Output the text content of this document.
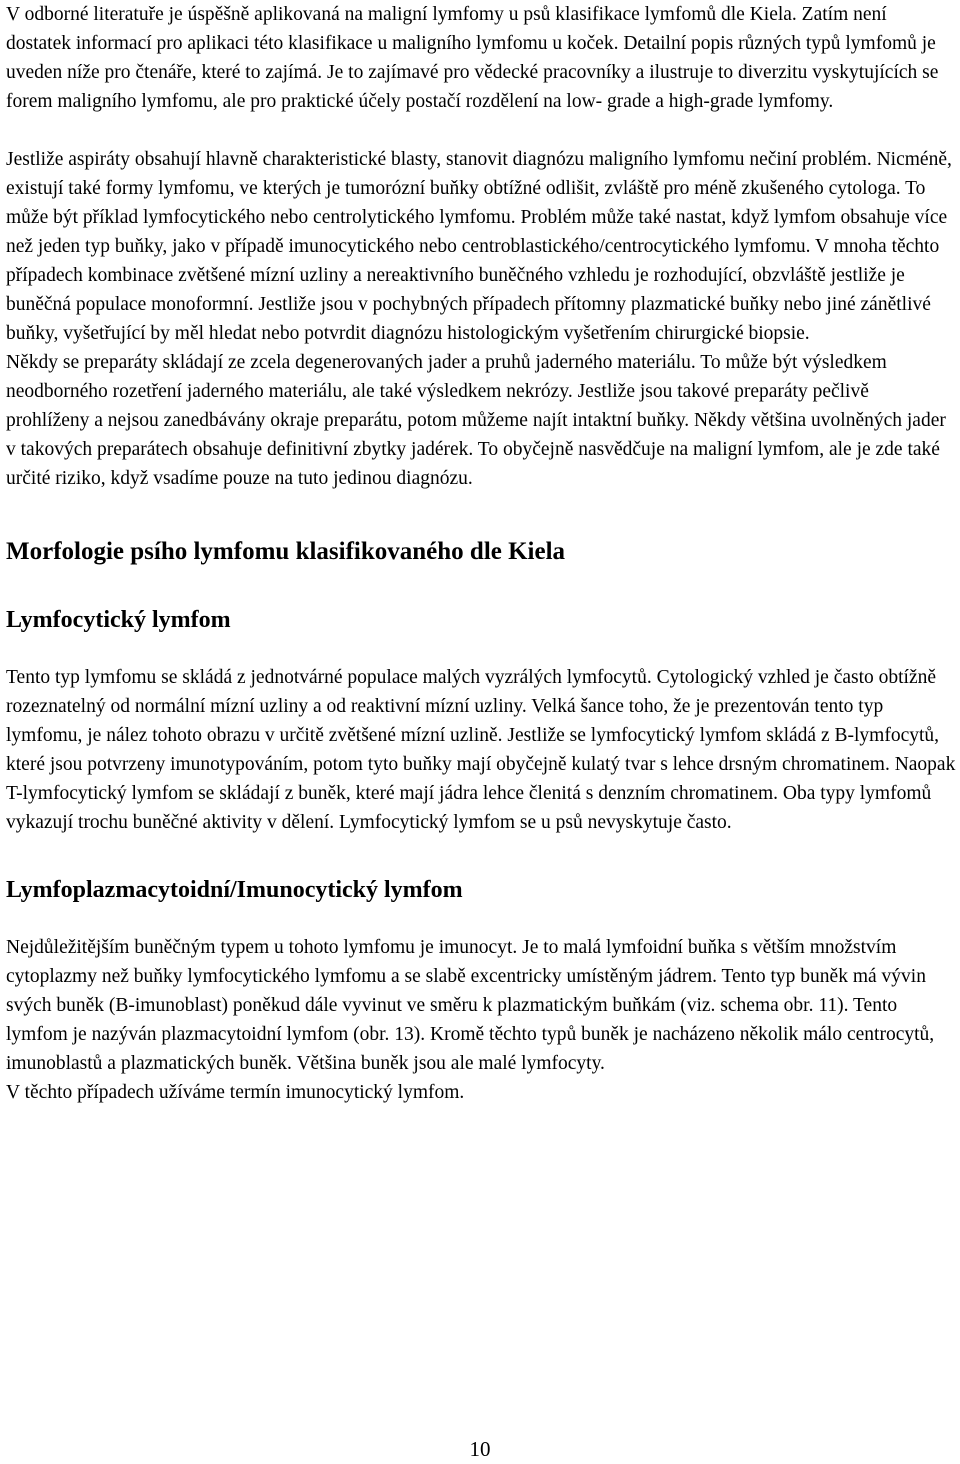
V odborné literatuře je úspěšně aplikovaná na maligní lymfomy u psů klasifikace lymfomů dle Kiela. Zatím není dostatek informací pro aplikaci této klasifikace u maligního lymfomu u koček. Detailní popis různých typů lymfomů je uveden níže pro čtenáře, které to zajímá. Je to zajímavé pro vědecké pracovníky a ilustruje to diverzitu vyskytujících se forem maligního lymfomu, ale pro praktické účely postačí rozdělení na low- grade a high-grade lymfomy.

Jestliže aspiráty obsahují hlavně charakteristické blasty, stanovit diagnózu maligního lymfomu nečiní problém. Nicméně, existují také formy lymfomu, ve kterých je tumorózní buňky obtížné odlišit, zvláště pro méně zkušeného cytologa. To může být příklad lymfocytického nebo centrolytického lymfomu. Problém může také nastat, když lymfom obsahuje více než jeden typ buňky, jako v případě imunocytického nebo centroblastického/centrocytického lymfomu. V mnoha těchto případech kombinace zvětšené mízní uzliny a nereaktivního buněčného vzhledu je rozhodující, obzvláště jestliže je buněčná populace monoformní. Jestliže jsou v pochybných případech přítomny plazmatické buňky nebo jiné zánětlivé buňky, vyšetřující by měl hledat nebo potvrdit diagnózu histologickým vyšetřením chirurgické biopsie.

Někdy se preparáty skládají ze zcela degenerovaných jader a pruhů jaderného materiálu. To může být výsledkem neodborného rozetření jaderného materiálu, ale také výsledkem nekrózy. Jestliže jsou takové preparáty pečlivě prohlíženy a nejsou zanedbávány okraje preparátu, potom můžeme najít intaktní buňky. Někdy většina uvolněných jader v takových preparátech obsahuje definitivní zbytky jadérek. To obyčejně nasvědčuje na maligní lymfom, ale je zde také určité riziko, když vsadíme pouze na tuto jedinou diagnózu.

Morfologie psího lymfomu klasifikovaného dle Kiela
Lymfocytický lymfom

Tento typ lymfomu se skládá z jednotvárné populace malých vyzrálých lymfocytů. Cytologický vzhled je často obtížně rozeznatelný od normální mízní uzliny a od reaktivní mízní uzliny. Velká šance toho, že je prezentován tento typ lymfomu, je nález tohoto obrazu v určitě zvětšené mízní uzlině. Jestliže se lymfocytický lymfom skládá z B-lymfocytů, které jsou potvrzeny imunotypováním, potom tyto buňky mají obyčejně kulatý tvar s lehce drsným chromatinem. Naopak T-lymfocytický lymfom se skládají z buněk, které mají jádra lehce členitá s denzním chromatinem. Oba typy lymfomů vykazují trochu buněčné aktivity v dělení. Lymfocytický lymfom se u psů nevyskytuje často.

Lymfoplazmacytoidní/Imunocytický lymfom

Nejdůležitějším buněčným typem u tohoto lymfomu je imunocyt. Je to malá lymfoidní buňka s větším množstvím cytoplazmy než buňky lymfocytického lymfomu a se slabě excentricky umístěným jádrem. Tento typ buněk má vývin svých buněk (B-imunoblast) poněkud dále vyvinut ve směru k plazmatickým buňkám (viz. schema obr. 11). Tento lymfom je nazýván plazmacytoidní lymfom (obr. 13). Kromě těchto typů buněk je nacházeno několik málo centrocytů, imunoblastů a plazmatických buněk. Většina buněk jsou ale malé lymfocyty.

V těchto případech užíváme termín imunocytický lymfom.

10
